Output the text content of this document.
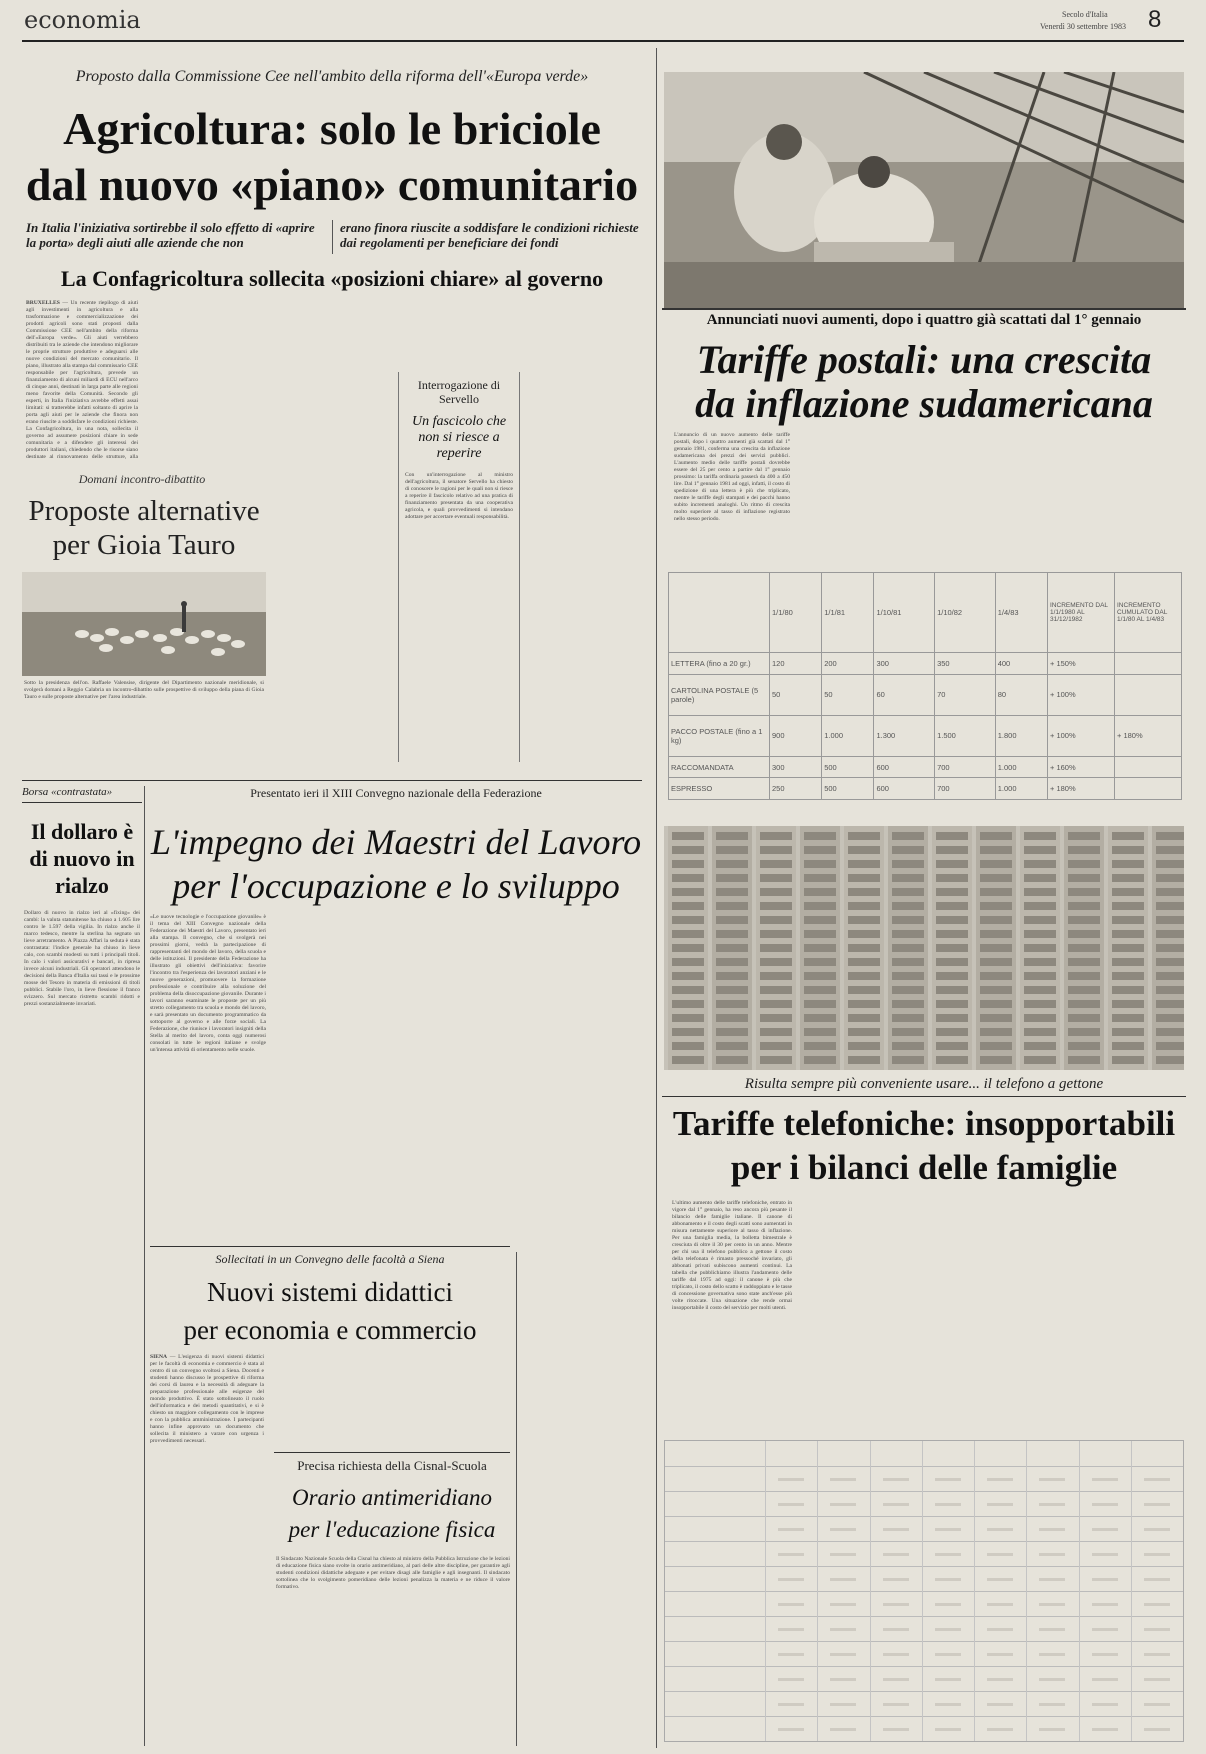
economia	Secolo d'Italia
Venerdì 30 settembre 1983 8
Proposto dalla Commissione Cee nell'ambito della riforma dell'«Europa verde»
Agricoltura: solo le briciole
dal nuovo «piano» comunitario
In Italia l'iniziativa sortirebbe il solo effetto di «aprire la porta» degli aiuti alle aziende che non
erano finora riuscite a soddisfare le condizioni richieste dai regolamenti per beneficiare dei fondi
La Confagricoltura sollecita «posizioni chiare» al governo
BRUXELLES — Un recente riepilogo di aiuti agli investimenti in agricoltura e alla trasformazione e commercializzazione dei prodotti agricoli sono stati proposti dalla Commissione CEE nell'ambito della riforma dell'«Europa verde». Gli aiuti verrebbero distribuiti tra le aziende che intendono migliorare le proprie strutture produttive e adeguarsi alle nuove condizioni del mercato comunitario. Il piano, illustrato alla stampa dal commissario CEE responsabile per l'agricoltura, prevede un finanziamento di alcuni miliardi di ECU nell'arco di cinque anni, destinati in larga parte alle regioni meno favorite della Comunità. Secondo gli esperti, in Italia l'iniziativa avrebbe effetti assai limitati: si tratterebbe infatti soltanto di aprire la porta agli aiuti per le aziende che finora non erano riuscite a soddisfare le condizioni richieste. La Confagricoltura, in una nota, sollecita il governo ad assumere posizioni chiare in sede comunitaria e a difendere gli interessi dei produttori italiani, chiedendo che le risorse siano destinate al rinnovamento delle strutture, alla
Interrogazione di Servello
Un fascicolo che non si riesce a reperire
Con un'interrogazione al ministro dell'agricoltura, il senatore Servello ha chiesto di conoscere le ragioni per le quali non si riesce a reperire il fascicolo relativo ad una pratica di finanziamento presentata da una cooperativa agricola, e quali provvedimenti si intendano adottare per accertare eventuali responsabilità.
Domani incontro-dibattito
Proposte alternative per Gioia Tauro
Sotto la presidenza dell'on. Raffaele Valensise, dirigente del Dipartimento nazionale meridionale, si svolgerà domani a Reggio Calabria un incontro-dibattito sulle prospettive di sviluppo della piana di Gioia Tauro e sulle proposte alternative per l'area industriale.
Borsa «contrastata»
Il dollaro è di nuovo in rialzo
Dollaro di nuovo in rialzo ieri al «fixing» dei cambi: la valuta statunitense ha chiuso a 1.605 lire contro le 1.597 della vigilia. In rialzo anche il marco tedesco, mentre la sterlina ha segnato un lieve arretramento. A Piazza Affari la seduta è stata contrastata: l'indice generale ha chiuso in lieve calo, con scambi modesti su tutti i principali titoli. In calo i valori assicurativi e bancari, in ripresa invece alcuni industriali. Gli operatori attendono le decisioni della Banca d'Italia sui tassi e le prossime mosse del Tesoro in materia di emissioni di titoli pubblici. Stabile l'oro, in lieve flessione il franco svizzero. Sul mercato ristretto scambi ridotti e prezzi sostanzialmente invariati.
Presentato ieri il XIII Convegno nazionale della Federazione
L'impegno dei Maestri del Lavoro
per l'occupazione e lo sviluppo
«Le nuove tecnologie e l'occupazione giovanile» è il tema del XIII Convegno nazionale della Federazione dei Maestri del Lavoro, presentato ieri alla stampa. Il convegno, che si svolgerà nei prossimi giorni, vedrà la partecipazione di rappresentanti del mondo del lavoro, della scuola e delle istituzioni. Il presidente della Federazione ha illustrato gli obiettivi dell'iniziativa: favorire l'incontro tra l'esperienza dei lavoratori anziani e le nuove generazioni, promuovere la formazione professionale e contribuire alla soluzione del problema della disoccupazione giovanile. Durante i lavori saranno esaminate le proposte per un più stretto collegamento tra scuola e mondo del lavoro, e sarà presentato un documento programmatico da sottoporre al governo e alle forze sociali. La Federazione, che riunisce i lavoratori insigniti della Stella al merito del lavoro, conta oggi numerosi consolati in tutte le regioni italiane e svolge un'intensa attività di orientamento nelle scuole.
Sollecitati in un Convegno delle facoltà a Siena
Nuovi sistemi didattici
per economia e commercio
SIENA — L'esigenza di nuovi sistemi didattici per le facoltà di economia e commercio è stata al centro di un convegno svoltosi a Siena. Docenti e studenti hanno discusso le prospettive di riforma dei corsi di laurea e la necessità di adeguare la preparazione professionale alle esigenze del mondo produttivo. È stato sottolineato il ruolo dell'informatica e dei metodi quantitativi, e si è chiesto un maggiore collegamento con le imprese e con la pubblica amministrazione. I partecipanti hanno infine approvato un documento che sollecita il ministero a varare con urgenza i provvedimenti necessari.
Precisa richiesta della Cisnal-Scuola
Orario antimeridiano
per l'educazione fisica
Il Sindacato Nazionale Scuola della Cisnal ha chiesto al ministro della Pubblica Istruzione che le lezioni di educazione fisica siano svolte in orario antimeridiano, al pari delle altre discipline, per garantire agli studenti condizioni didattiche adeguate e per evitare disagi alle famiglie e agli insegnanti. Il sindacato sottolinea che lo svolgimento pomeridiano delle lezioni penalizza la materia e ne riduce il valore formativo.
Annunciati nuovi aumenti, dopo i quattro già scattati dal 1° gennaio
Tariffe postali: una crescita
da inflazione sudamericana
L'annuncio di un nuovo aumento delle tariffe postali, dopo i quattro aumenti già scattati dal 1° gennaio 1981, conferma una crescita da inflazione sudamericana dei prezzi dei servizi pubblici. L'aumento medio delle tariffe postali dovrebbe essere del 25 per cento a partire dal 1° gennaio prossimo: la tariffa ordinaria passerà da 400 a 450 lire. Dal 1° gennaio 1981 ad oggi, infatti, il costo di spedizione di una lettera è più che triplicato, mentre le tariffe degli stampati e dei pacchi hanno subito incrementi analoghi. Un ritmo di crescita molto superiore al tasso di inflazione registrato nello stesso periodo.
	1/1/80	1/1/81	1/10/81	1/10/82	1/4/83	INCREMENTO DAL 1/1/1980 AL 31/12/1982	INCREMENTO CUMULATO DAL 1/1/80 AL 1/4/83
LETTERA (fino a 20 gr.)	120	200	300	350	400	+ 150%	
CARTOLINA POSTALE (5 parole)	50	50	60	70	80	+ 100%	
PACCO POSTALE (fino a 1 kg)	900	1.000	1.300	1.500	1.800	+ 100%	+ 180%
RACCOMANDATA	300	500	600	700	1.000	+ 160%	
ESPRESSO	250	500	600	700	1.000	+ 180%	
Risulta sempre più conveniente usare... il telefono a gettone
Tariffe telefoniche: insopportabili
per i bilanci delle famiglie
L'ultimo aumento delle tariffe telefoniche, entrato in vigore dal 1° gennaio, ha reso ancora più pesante il bilancio delle famiglie italiane. Il canone di abbonamento e il costo degli scatti sono aumentati in misura nettamente superiore al tasso di inflazione. Per una famiglia media, la bolletta bimestrale è cresciuta di oltre il 30 per cento in un anno. Mentre per chi usa il telefono pubblico a gettone il costo della telefonata è rimasto pressoché invariato, gli abbonati privati subiscono aumenti continui. La tabella che pubblichiamo illustra l'andamento delle tariffe dal 1975 ad oggi: il canone è più che triplicato, il costo dello scatto è raddoppiato e le tasse di concessione governativa sono state anch'esse più volte ritoccate. Una situazione che rende ormai insopportabile il costo del servizio per molti utenti.
